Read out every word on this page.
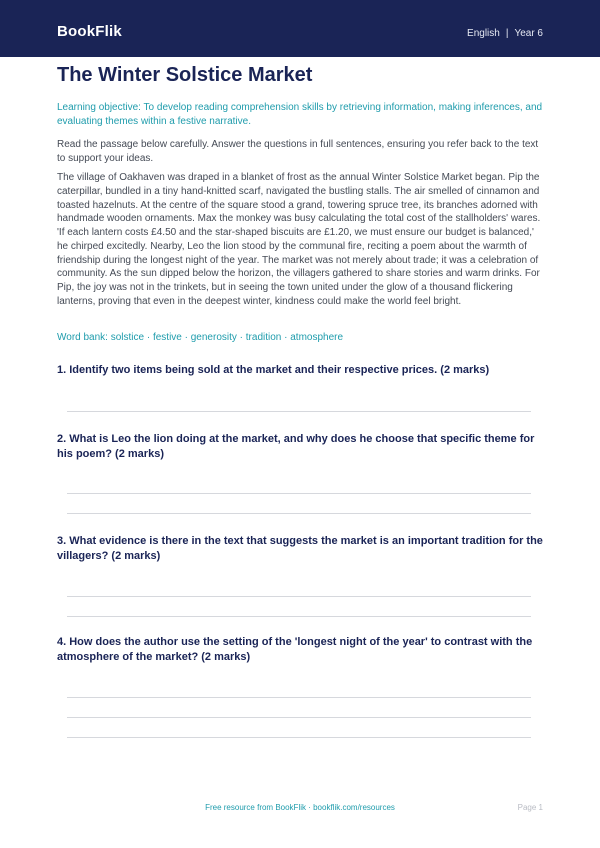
BookFlik	English | Year 6
The Winter Solstice Market

Learning objective: To develop reading comprehension skills by retrieving information, making inferences, and evaluating themes within a festive narrative.

Read the passage below carefully. Answer the questions in full sentences, ensuring you refer back to the text to support your ideas.

The village of Oakhaven was draped in a blanket of frost as the annual Winter Solstice Market began. Pip the caterpillar, bundled in a tiny hand-knitted scarf, navigated the bustling stalls. The air smelled of cinnamon and toasted hazelnuts. At the centre of the square stood a grand, towering spruce tree, its branches adorned with handmade wooden ornaments. Max the monkey was busy calculating the total cost of the stallholders' wares. 'If each lantern costs £4.50 and the star-shaped biscuits are £1.20, we must ensure our budget is balanced,' he chirped excitedly. Nearby, Leo the lion stood by the communal fire, reciting a poem about the warmth of friendship during the longest night of the year. The market was not merely about trade; it was a celebration of community. As the sun dipped below the horizon, the villagers gathered to share stories and warm drinks. For Pip, the joy was not in the trinkets, but in seeing the town united under the glow of a thousand flickering lanterns, proving that even in the deepest winter, kindness could make the world feel bright.

Word bank: solstice · festive · generosity · tradition · atmosphere

1. Identify two items being sold at the market and their respective prices. (2 marks)

2. What is Leo the lion doing at the market, and why does he choose that specific theme for his poem? (2 marks)

3. What evidence is there in the text that suggests the market is an important tradition for the villagers? (2 marks)

4. How does the author use the setting of the 'longest night of the year' to contrast with the atmosphere of the market? (2 marks)

Free resource from BookFlik · bookflik.com/resources	Page 1
